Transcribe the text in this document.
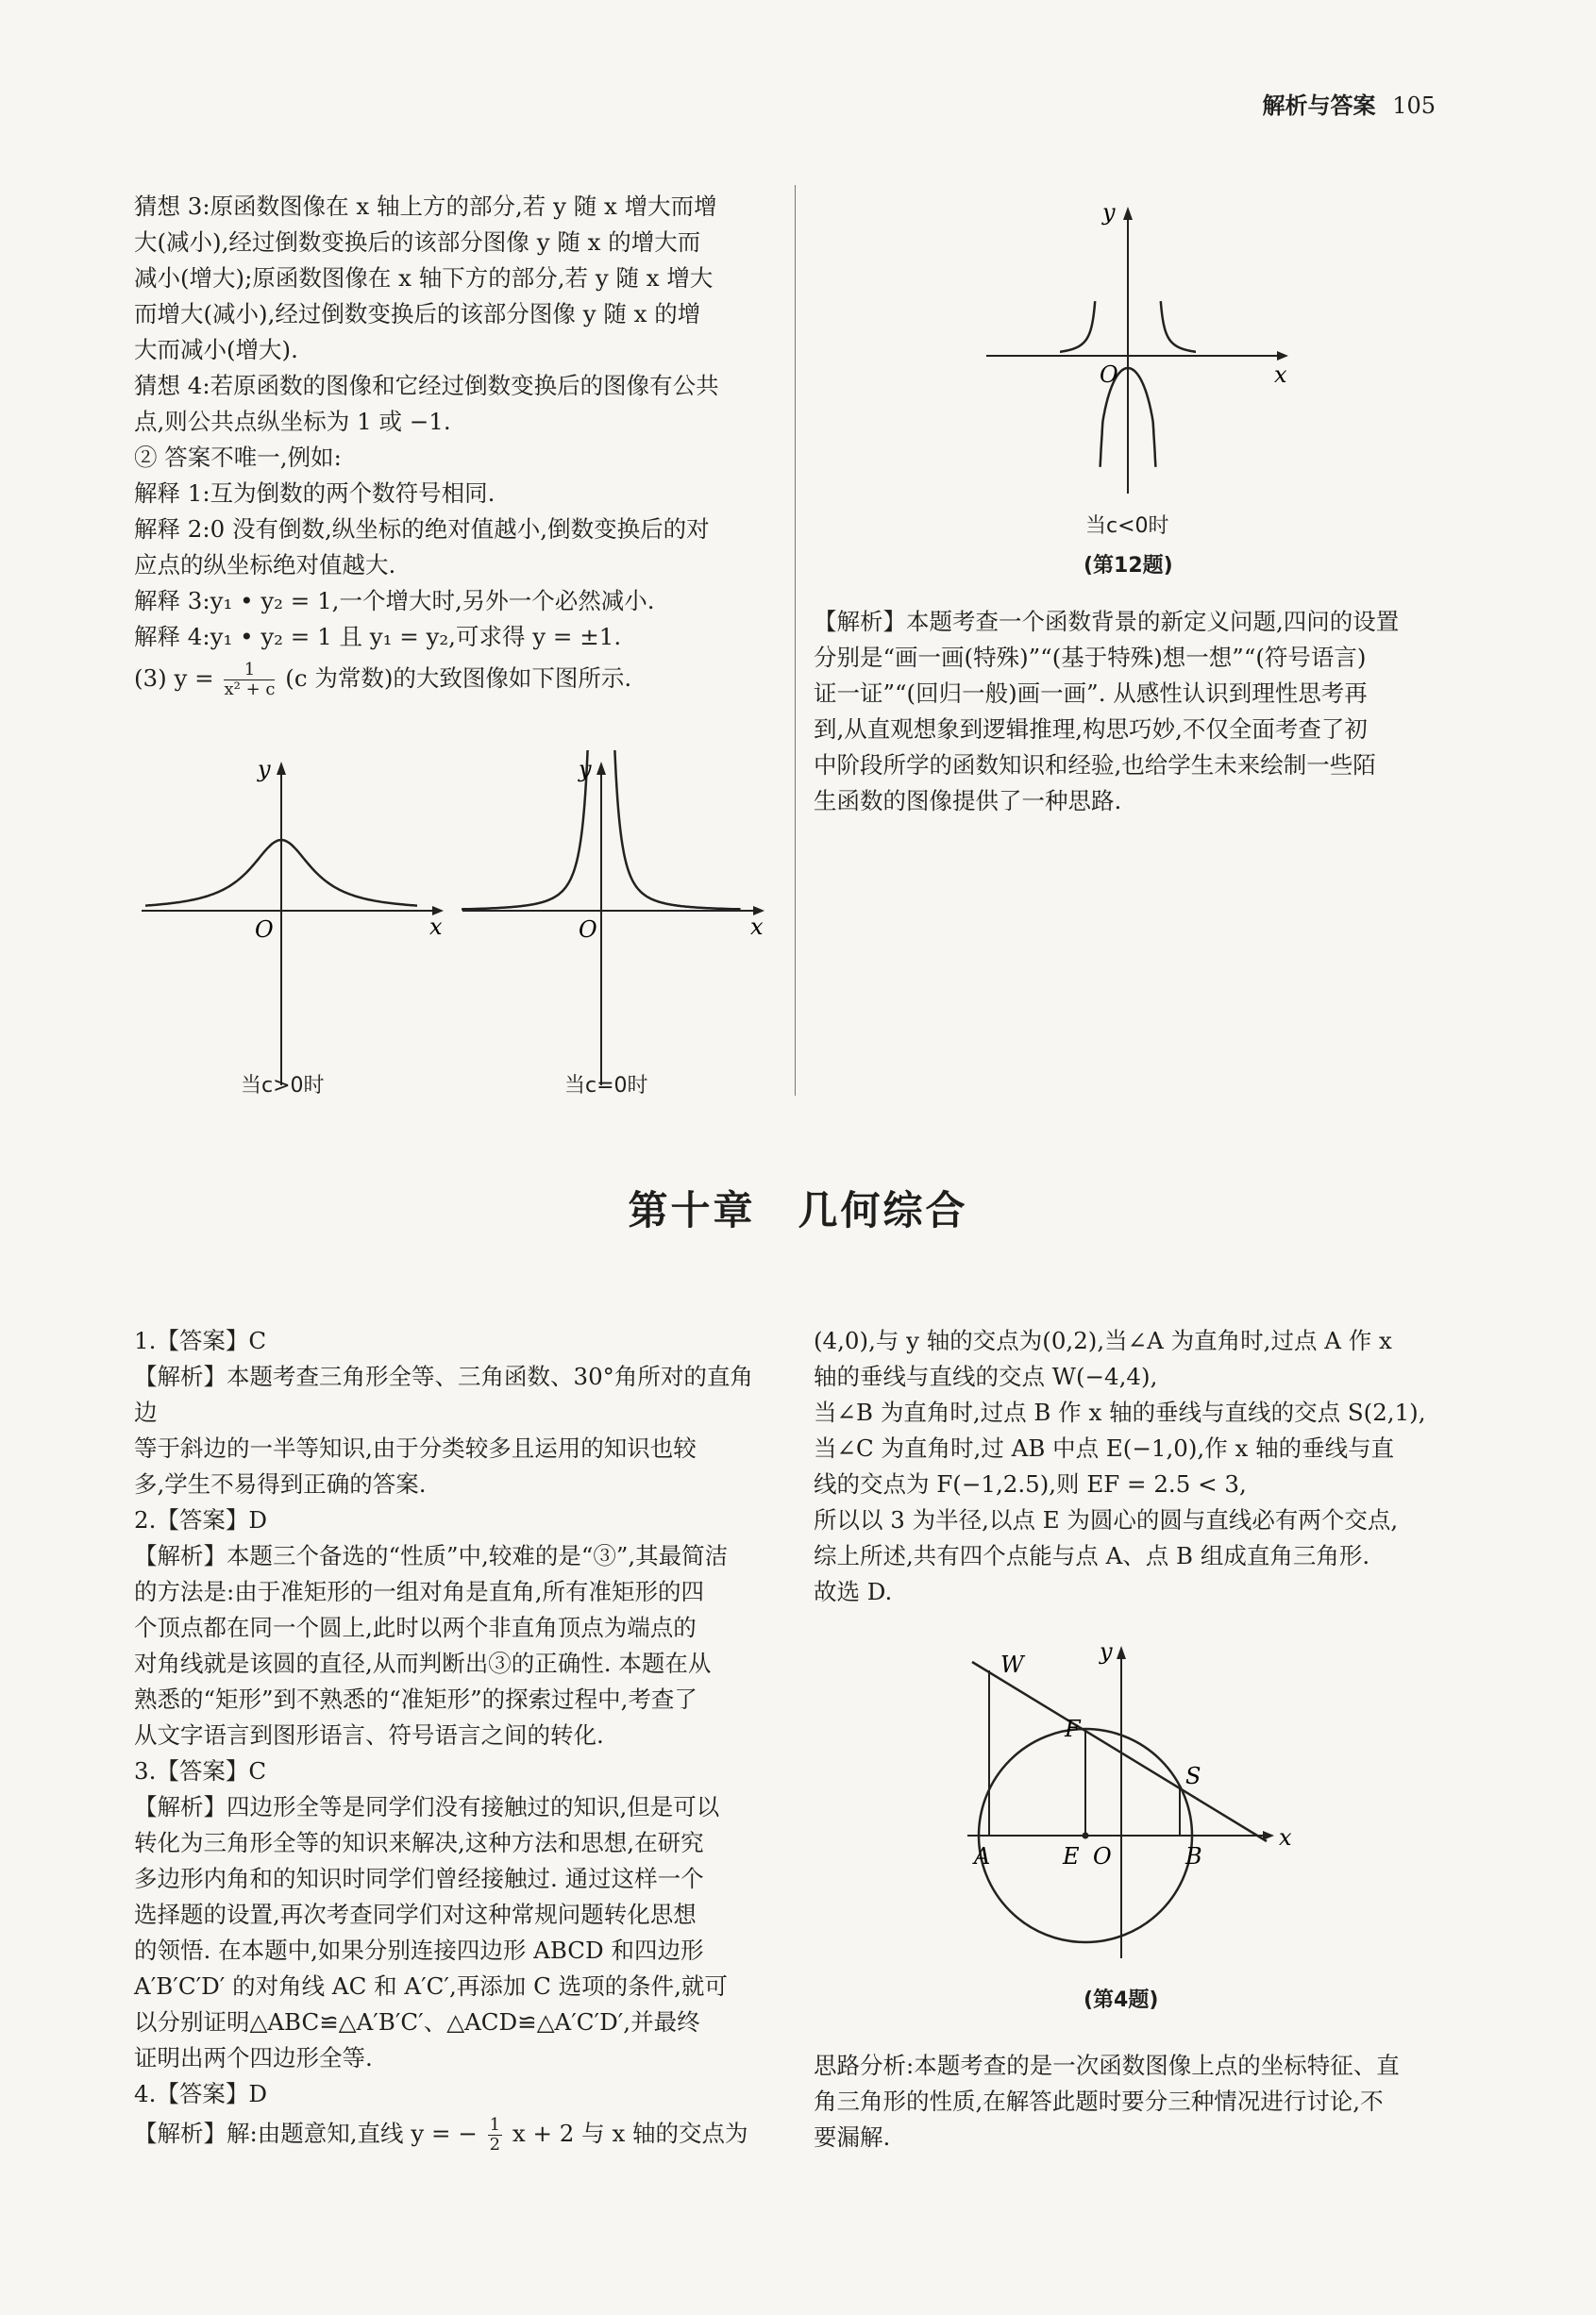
解析与答案 105

猜想 3:原函数图像在 x 轴上方的部分,若 y 随 x 增大而增

大(减小),经过倒数变换后的该部分图像 y 随 x 的增大而

减小(增大);原函数图像在 x 轴下方的部分,若 y 随 x 增大

而增大(减小),经过倒数变换后的该部分图像 y 随 x 的增

大而减小(增大).

猜想 4:若原函数的图像和它经过倒数变换后的图像有公共

点,则公共点纵坐标为 1 或 −1.

② 答案不唯一,例如:

解释 1:互为倒数的两个数符号相同.

解释 2:0 没有倒数,纵坐标的绝对值越小,倒数变换后的对

应点的纵坐标绝对值越大.

解释 3:y₁ • y₂ = 1,一个增大时,另外一个必然减小.

解释 4:y₁ • y₂ = 1 且 y₁ = y₂,可求得 y = ±1.

(3) $y = \frac{1}{\text{x² + c}} (c$ 为常数)的大致图像如下图所示.

x
y
O
当c>0时
x
y
O
当c=0时
x
y
O
当c<0时
(第12题)

【解析】本题考查一个函数背景的新定义问题,四问的设置

分别是“画一画(特殊)”“(基于特殊)想一想”“(符号语言)

证一证”“(回归一般)画一画”. 从感性认识到理性思考再

到,从直观想象到逻辑推理,构思巧妙,不仅全面考查了初

中阶段所学的函数知识和经验,也给学生未来绘制一些陌

生函数的图像提供了一种思路.

第十章　几何综合

1.【答案】C

【解析】本题考查三角形全等、三角函数、30°角所对的直角边

等于斜边的一半等知识,由于分类较多且运用的知识也较

多,学生不易得到正确的答案.

2.【答案】D

【解析】本题三个备选的“性质”中,较难的是“③”,其最简洁

的方法是:由于准矩形的一组对角是直角,所有准矩形的四

个顶点都在同一个圆上,此时以两个非直角顶点为端点的

对角线就是该圆的直径,从而判断出③的正确性. 本题在从

熟悉的“矩形”到不熟悉的“准矩形”的探索过程中,考查了

从文字语言到图形语言、符号语言之间的转化.

3.【答案】C

【解析】四边形全等是同学们没有接触过的知识,但是可以

转化为三角形全等的知识来解决,这种方法和思想,在研究

多边形内角和的知识时同学们曾经接触过. 通过这样一个

选择题的设置,再次考查同学们对这种常规问题转化思想

的领悟. 在本题中,如果分别连接四边形 ABCD 和四边形

A′B′C′D′ 的对角线 AC 和 A′C′,再添加 C 选项的条件,就可

以分别证明△ABC≌△A′B′C′、△ACD≌△A′C′D′,并最终

证明出两个四边形全等.

4.【答案】D

【解析】解:由题意知,直线 y = − $\frac{1}{2}$ x + 2 与 x 轴的交点为

(4,0),与 y 轴的交点为(0,2),当∠A 为直角时,过点 A 作 x

轴的垂线与直线的交点 W(−4,4),

当∠B 为直角时,过点 B 作 x 轴的垂线与直线的交点 S(2,1),

当∠C 为直角时,过 AB 中点 E(−1,0),作 x 轴的垂线与直

线的交点为 F(−1,2.5),则 EF = 2.5 < 3,

所以以 3 为半径,以点 E 为圆心的圆与直线必有两个交点,

综上所述,共有四个点能与点 A、点 B 组成直角三角形.

故选 D.

W
F
S
A	E O	B
x
y
(第4题)

思路分析:本题考查的是一次函数图像上点的坐标特征、直

角三角形的性质,在解答此题时要分三种情况进行讨论,不

要漏解.
